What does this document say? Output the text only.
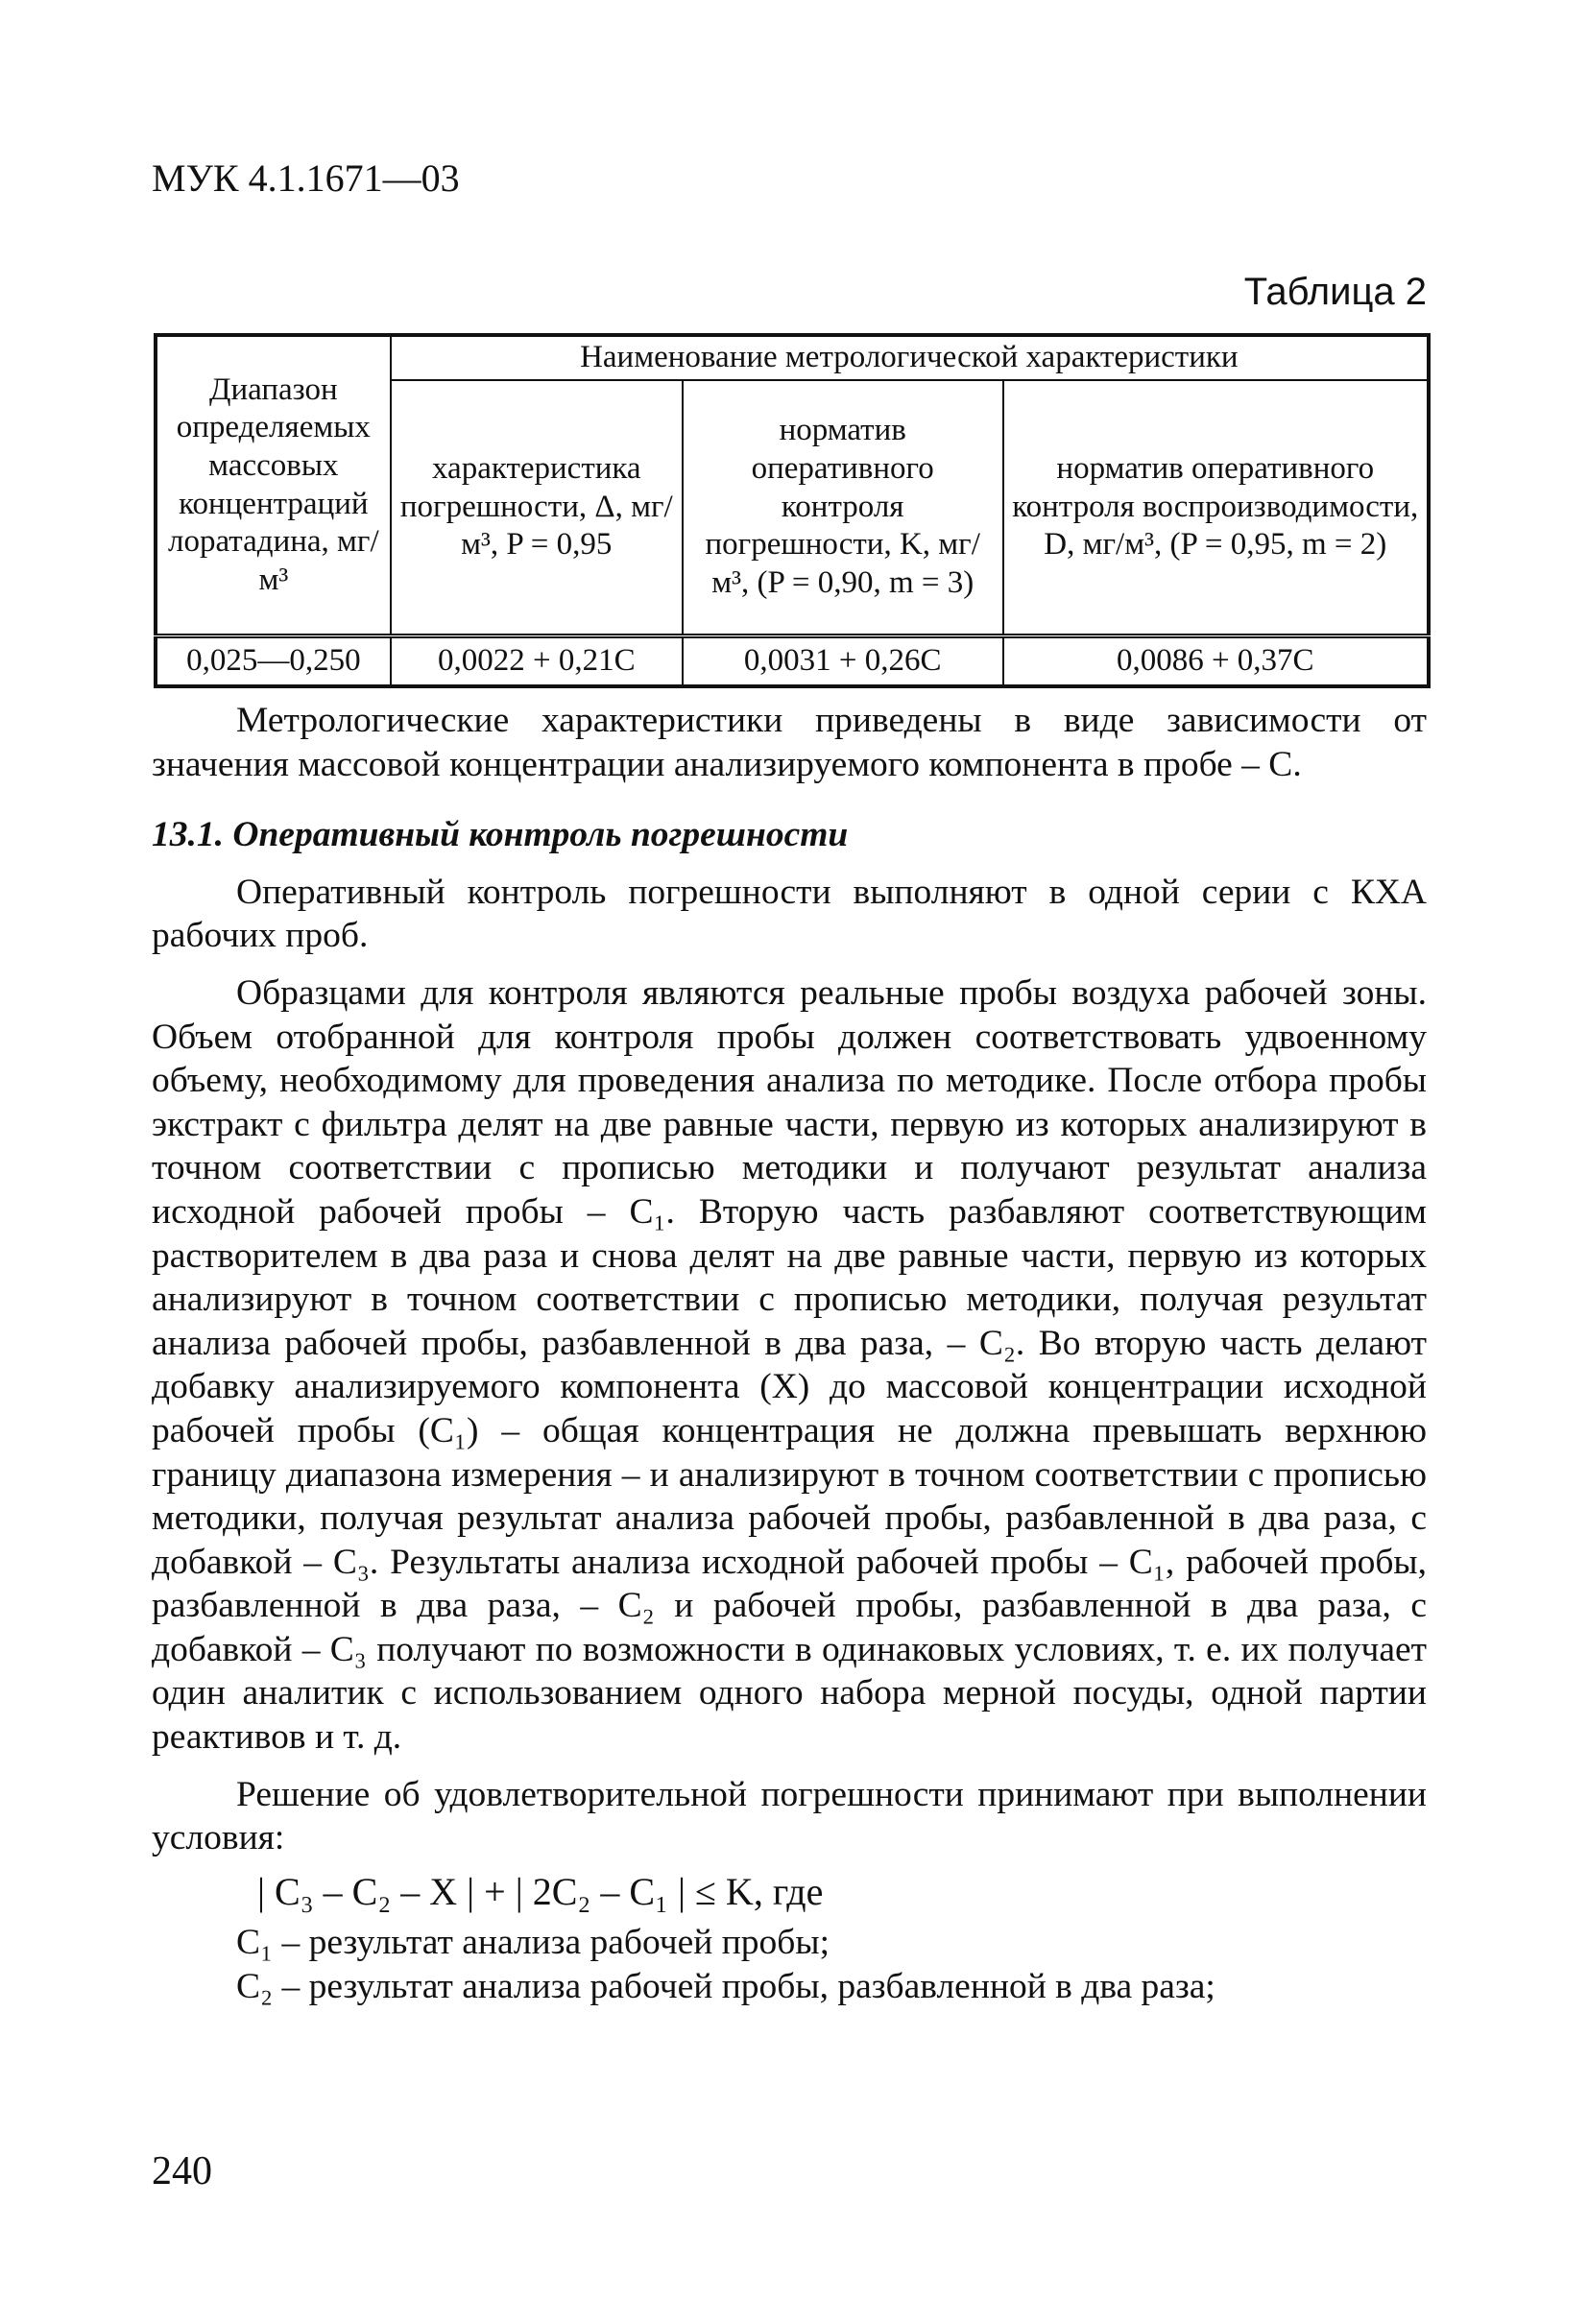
МУК 4.1.1671—03
Таблица 2
Диапазон определяемых массовых концентраций лоратадина, мг/м³	Наименование метрологической характеристики		
	характеристика погрешности, Δ, мг/м³, P = 0,95	норматив оперативного контроля погрешности, K, мг/м³, (P = 0,90, m = 3)	норматив оперативного контроля воспроизводимости, D, мг/м³, (P = 0,95, m = 2)
0,025—0,250	0,0022 + 0,21C	0,0031 + 0,26C	0,0086 + 0,37C

Метрологические характеристики приведены в виде зависимости от значения массовой концентрации анализируемого компонента в пробе – C.

13.1. Оперативный контроль погрешности

Оперативный контроль погрешности выполняют в одной серии с КХА рабочих проб.

Образцами для контроля являются реальные пробы воздуха рабочей зоны. Объем отобранной для контроля пробы должен соответствовать удвоенному объему, необходимому для проведения анализа по методике. После отбора пробы экстракт с фильтра делят на две равные части, первую из которых анализируют в точном соответствии с прописью методики и получают результат анализа исходной рабочей пробы – C₁. Вторую часть разбавляют соответствующим растворителем в два раза и снова делят на две равные части, первую из которых анализируют в точном соответствии с прописью методики, получая результат анализа рабочей пробы, разбавленной в два раза, – C₂. Во вторую часть делают добавку анализируемого компонента (X) до массовой концентрации исходной рабочей пробы (C₁) – общая концентрация не должна превышать верхнюю границу диапазона измерения – и анализируют в точном соответствии с прописью методики, получая результат анализа рабочей пробы, разбавленной в два раза, с добавкой – C₃. Результаты анализа исходной рабочей пробы – C₁, рабочей пробы, разбавленной в два раза, – C₂ и рабочей пробы, разбавленной в два раза, с добавкой – C₃ получают по возможности в одинаковых условиях, т. е. их получает один аналитик с использованием одного набора мерной посуды, одной партии реактивов и т. д.

Решение об удовлетворительной погрешности принимают при выполнении условия:

| C₃ – C₂ – X | + | 2C₂ – C₁ | ≤ K, где

C₁ – результат анализа рабочей пробы;

C₂ – результат анализа рабочей пробы, разбавленной в два раза;

240
